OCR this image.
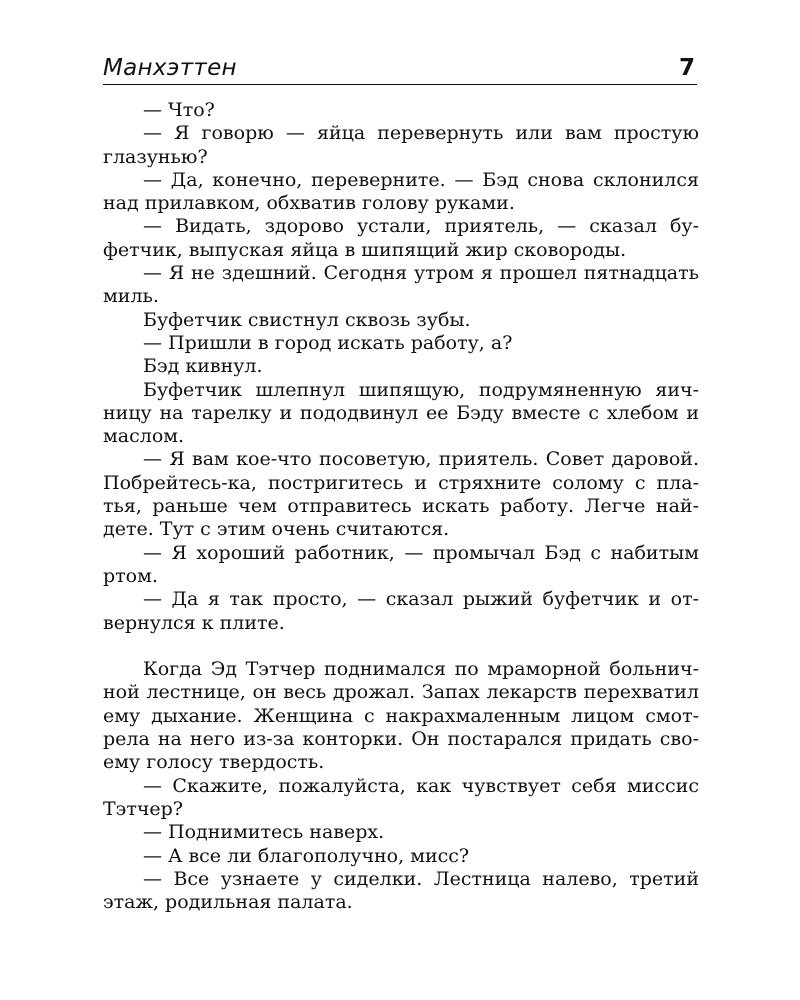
Манхэттен	7

— Что?

— Я говорю — яйца перевернуть или вам простую глазунью?

— Да, конечно, переверните. — Бэд снова склонился над прилавком, обхватив голову руками.

— Видать, здорово устали, приятель, — сказал буфетчик, выпуская яйца в шипящий жир сковороды.

— Я не здешний. Сегодня утром я прошел пятнадцать миль.

Буфетчик свистнул сквозь зубы.

— Пришли в город искать работу, а?

Бэд кивнул.

Буфетчик шлепнул шипящую, подрумяненную яичницу на тарелку и пододвинул ее Бэду вместе с хлебом и маслом.

— Я вам кое-что посоветую, приятель. Совет даровой. Побрейтесь-ка, постригитесь и стряхните солому с платья, раньше чем отправитесь искать работу. Легче найдете. Тут с этим очень считаются.

— Я хороший работник, — промычал Бэд с набитым ртом.

— Да я так просто, — сказал рыжий буфетчик и отвернулся к плите.

Когда Эд Тэтчер поднимался по мраморной больничной лестнице, он весь дрожал. Запах лекарств перехватил ему дыхание. Женщина с накрахмаленным лицом смотрела на него из-за конторки. Он постарался придать своему голосу твердость.

— Скажите, пожалуйста, как чувствует себя миссис Тэтчер?

— Поднимитесь наверх.

— А все ли благополучно, мисс?

— Все узнаете у сиделки. Лестница налево, третий этаж, родильная палата.
